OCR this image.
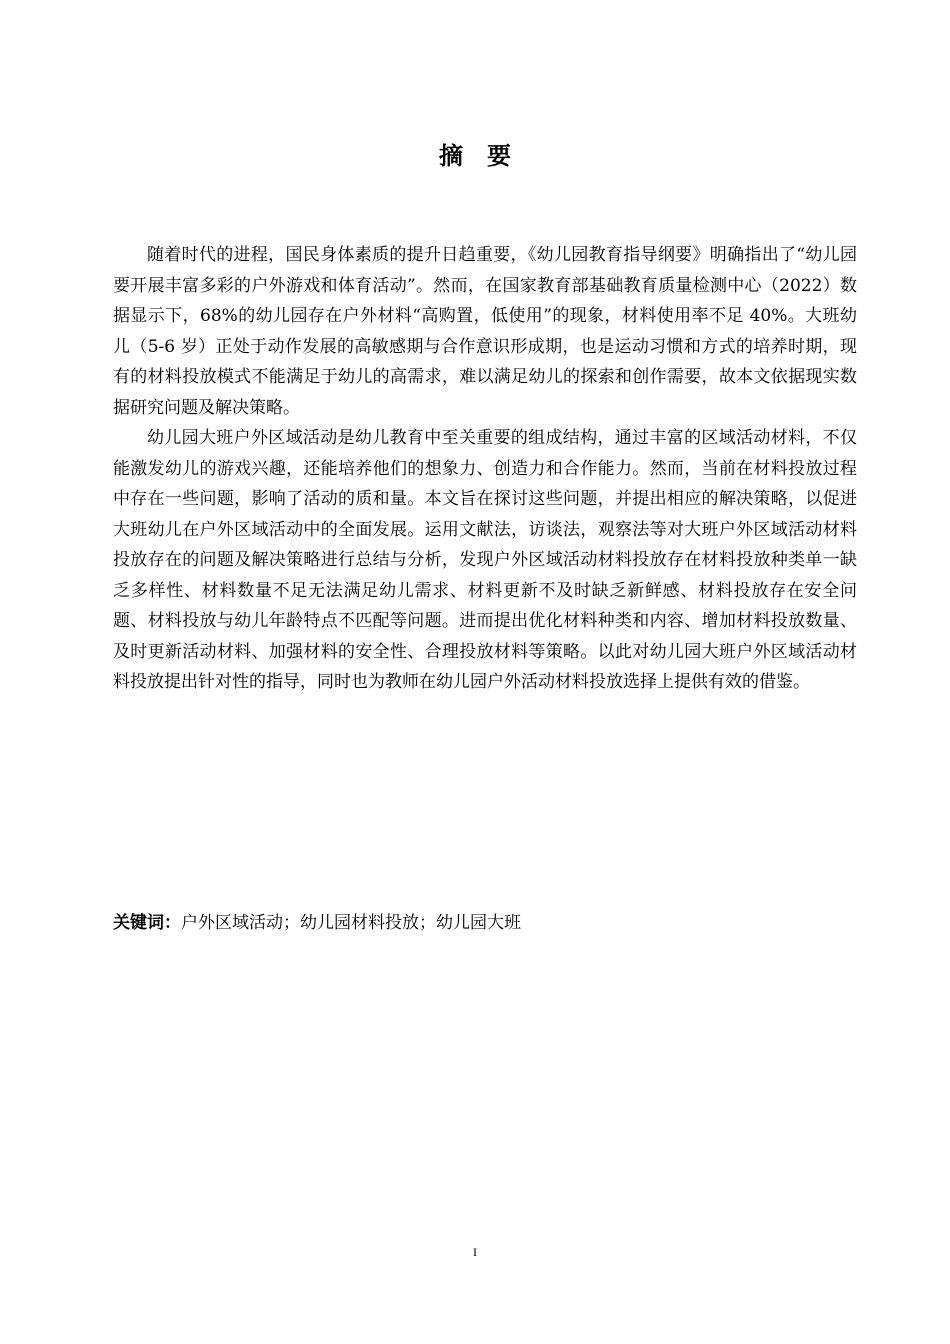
摘 要

随着时代的进程，国民身体素质的提升日趋重要，《幼儿园教育指导纲要》明确指出了“幼儿园要开展丰富多彩的户外游戏和体育活动”。然而，在国家教育部基础教育质量检测中心（2022）数据显示下，68%的幼儿园存在户外材料“高购置，低使用”的现象，材料使用率不足 40%。大班幼儿（5-6 岁）正处于动作发展的高敏感期与合作意识形成期，也是运动习惯和方式的培养时期，现有的材料投放模式不能满足于幼儿的高需求，难以满足幼儿的探索和创作需要，故本文依据现实数据研究问题及解决策略。

幼儿园大班户外区域活动是幼儿教育中至关重要的组成结构，通过丰富的区域活动材料，不仅能激发幼儿的游戏兴趣，还能培养他们的想象力、创造力和合作能力。然而，当前在材料投放过程中存在一些问题，影响了活动的质和量。本文旨在探讨这些问题，并提出相应的解决策略，以促进大班幼儿在户外区域活动中的全面发展。运用文献法，访谈法，观察法等对大班户外区域活动材料投放存在的问题及解决策略进行总结与分析，发现户外区域活动材料投放存在材料投放种类单一缺乏多样性、材料数量不足无法满足幼儿需求、材料更新不及时缺乏新鲜感、材料投放存在安全问题、材料投放与幼儿年龄特点不匹配等问题。进而提出优化材料种类和内容、增加材料投放数量、及时更新活动材料、加强材料的安全性、合理投放材料等策略。以此对幼儿园大班户外区域活动材料投放提出针对性的指导，同时也为教师在幼儿园户外活动材料投放选择上提供有效的借鉴。

关键词：户外区域活动；幼儿园材料投放；幼儿园大班
I
